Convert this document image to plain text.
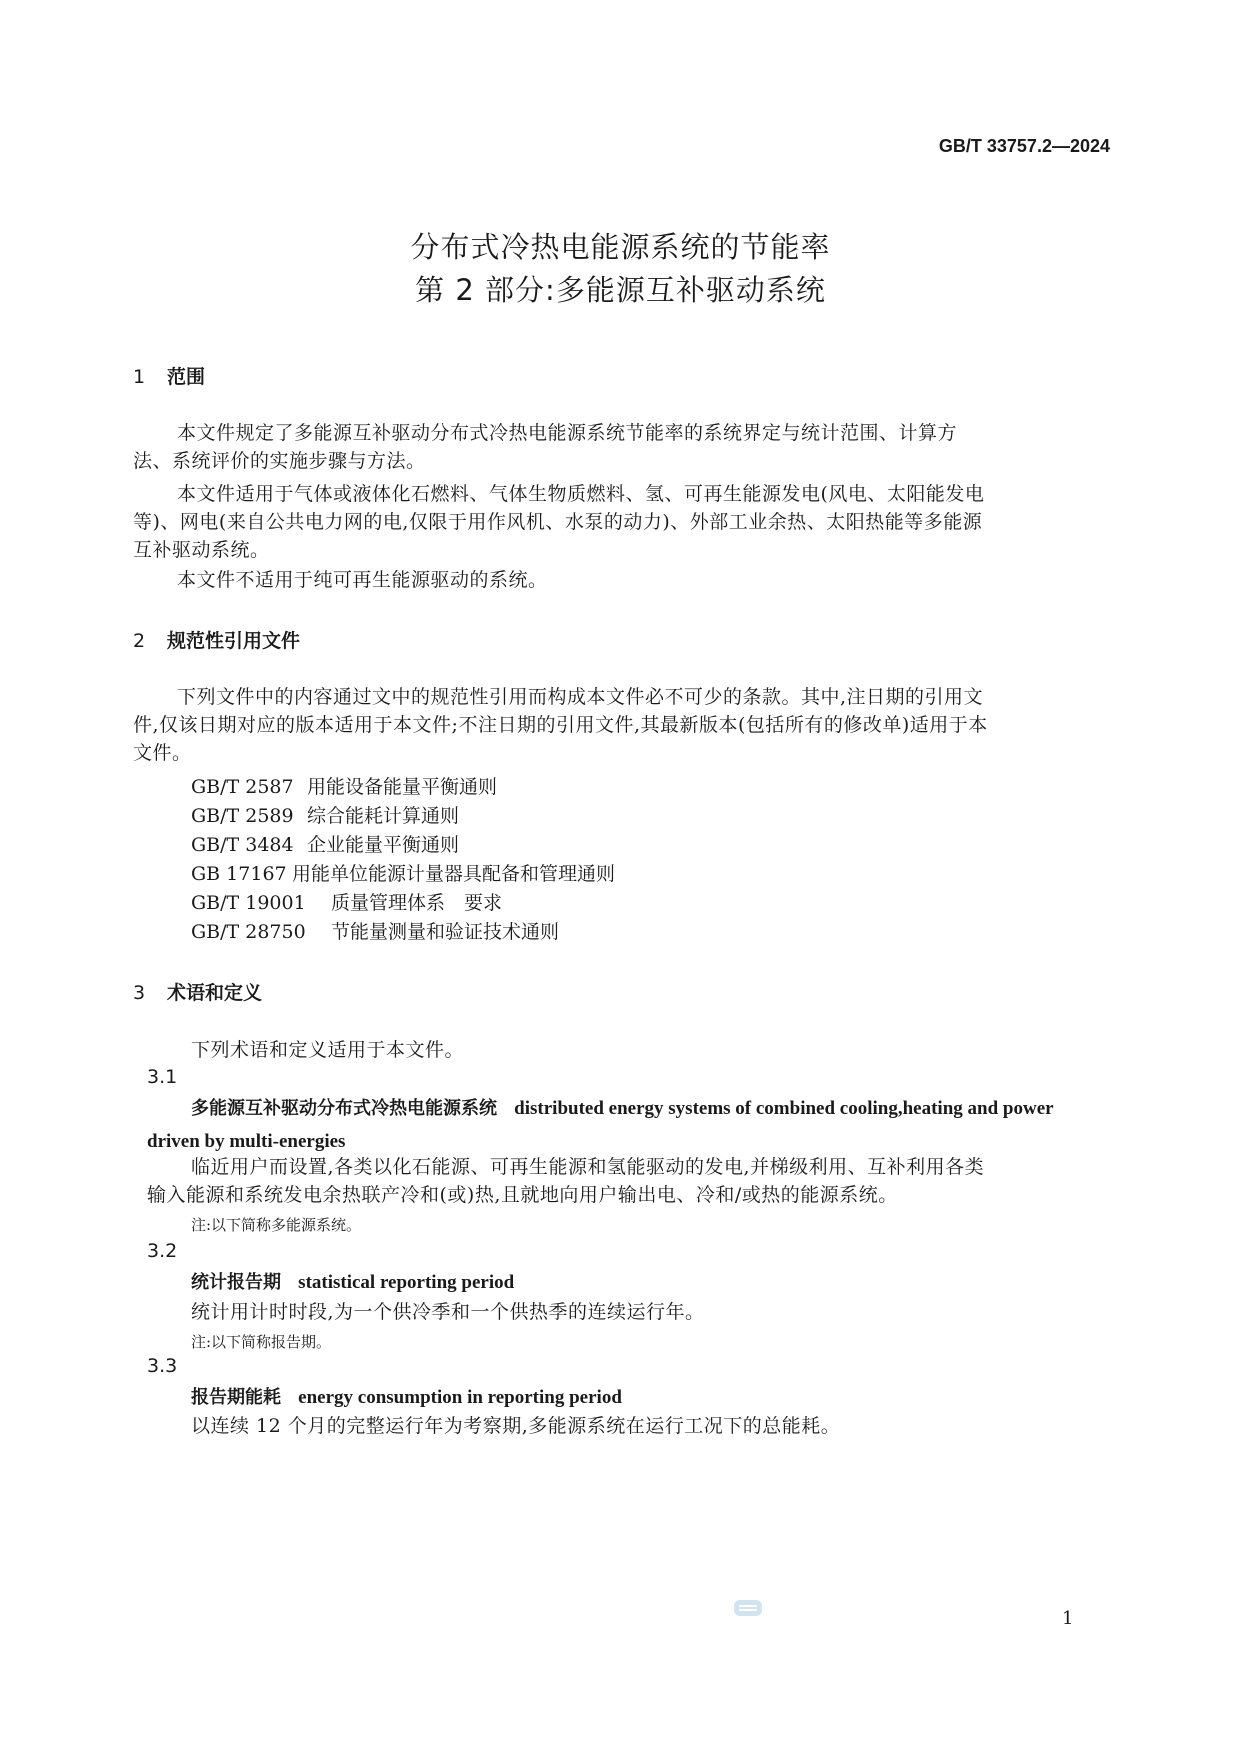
GB/T 33757.2—2024
分布式冷热电能源系统的节能率
第 2 部分:多能源互补驱动系统
1 范围
本文件规定了多能源互补驱动分布式冷热电能源系统节能率的系统界定与统计范围、计算方法、系统评价的实施步骤与方法。
本文件适用于气体或液体化石燃料、气体生物质燃料、氢、可再生能源发电(风电、太阳能发电等)、网电(来自公共电力网的电,仅限于用作风机、水泵的动力)、外部工业余热、太阳热能等多能源互补驱动系统。
本文件不适用于纯可再生能源驱动的系统。
2 规范性引用文件
下列文件中的内容通过文中的规范性引用而构成本文件必不可少的条款。其中,注日期的引用文件,仅该日期对应的版本适用于本文件;不注日期的引用文件,其最新版本(包括所有的修改单)适用于本文件。
GB/T 2587 用能设备能量平衡通则
GB/T 2589 综合能耗计算通则
GB/T 3484 企业能量平衡通则
GB 17167 用能单位能源计量器具配备和管理通则
GB/T 19001 质量管理体系　要求
GB/T 28750 节能量测量和验证技术通则
3 术语和定义
下列术语和定义适用于本文件。
3.1
多能源互补驱动分布式冷热电能源系统 distributed energy systems of combined cooling,heating and power driven by multi-energies
临近用户而设置,各类以化石能源、可再生能源和氢能驱动的发电,并梯级利用、互补利用各类输入能源和系统发电余热联产冷和(或)热,且就地向用户输出电、冷和/或热的能源系统。
注:以下简称多能源系统。
3.2
统计报告期 statistical reporting period
统计用计时时段,为一个供冷季和一个供热季的连续运行年。
注:以下简称报告期。
3.3
报告期能耗 energy consumption in reporting period
以连续 12 个月的完整运行年为考察期,多能源系统在运行工况下的总能耗。
1
